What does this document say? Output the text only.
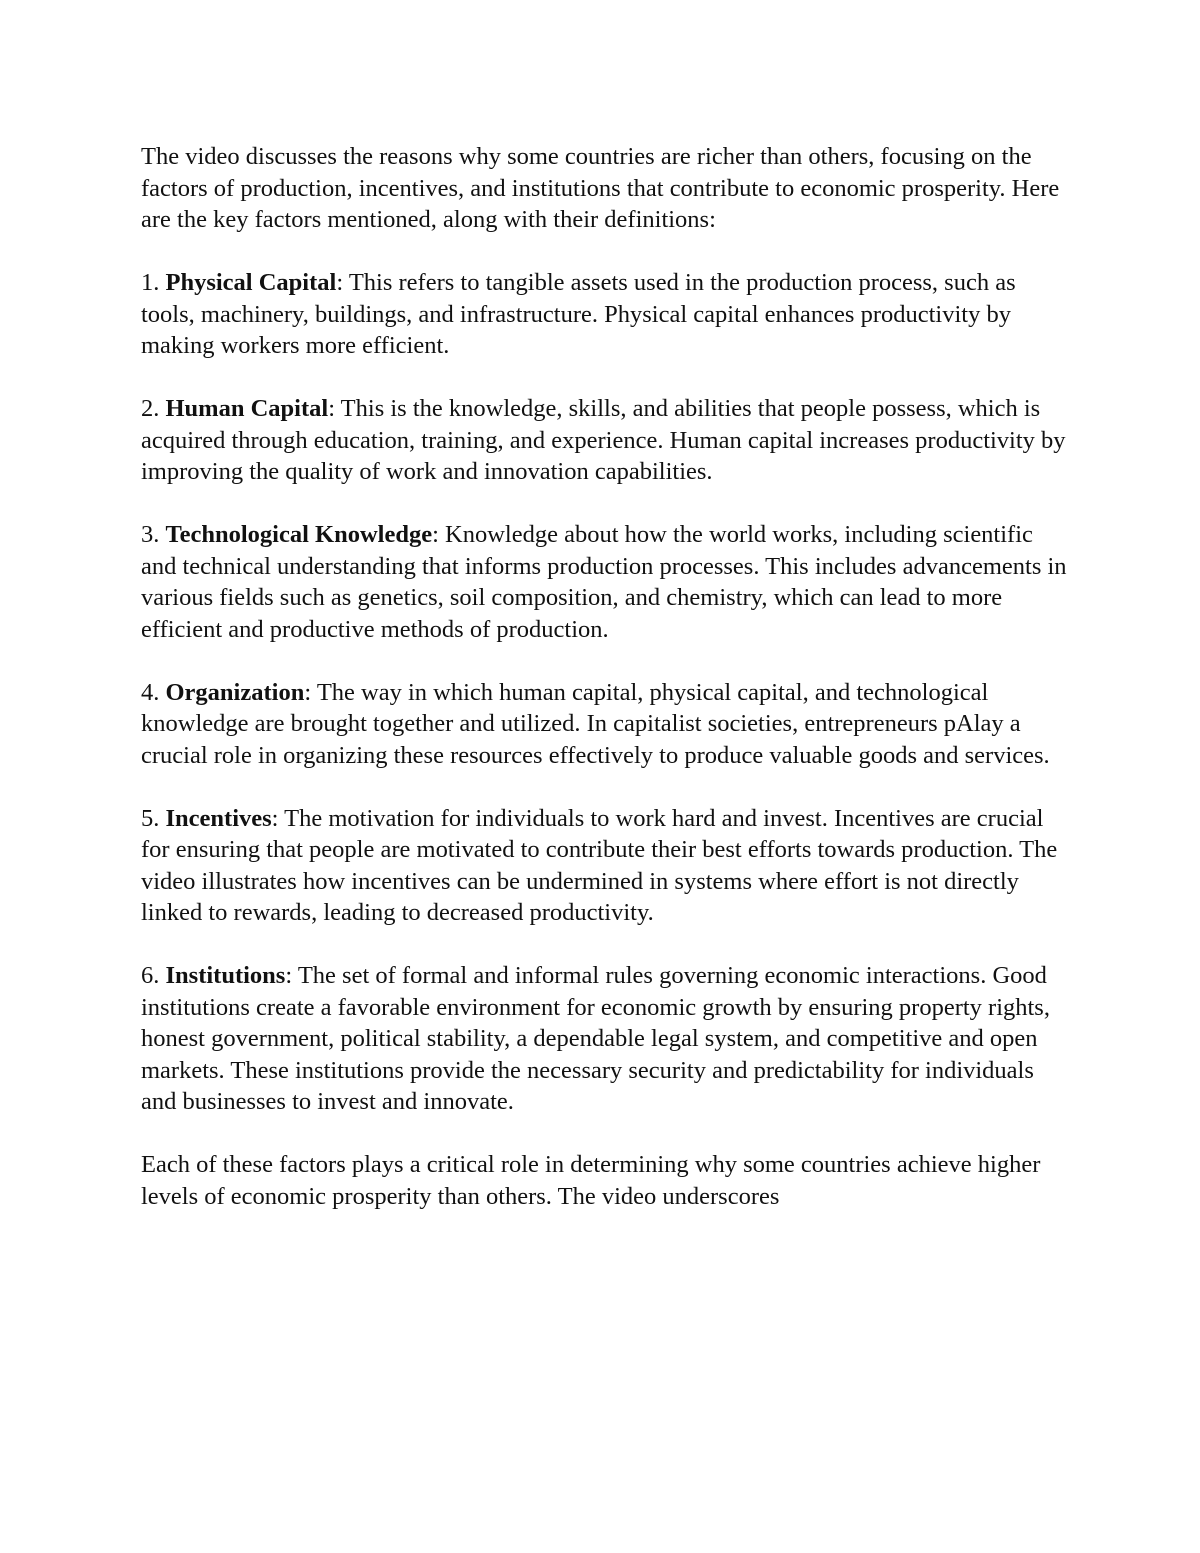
The video discusses the reasons why some countries are richer than others, focusing on the factors of production, incentives, and institutions that contribute to economic prosperity. Here are the key factors mentioned, along with their definitions:

1. Physical Capital: This refers to tangible assets used in the production process, such as tools, machinery, buildings, and infrastructure. Physical capital enhances productivity by making workers more efficient.

2. Human Capital: This is the knowledge, skills, and abilities that people possess, which is acquired through education, training, and experience. Human capital increases productivity by improving the quality of work and innovation capabilities.

3. Technological Knowledge: Knowledge about how the world works, including scientific and technical understanding that informs production processes. This includes advancements in various fields such as genetics, soil composition, and chemistry, which can lead to more efficient and productive methods of production.

4. Organization: The way in which human capital, physical capital, and technological knowledge are brought together and utilized. In capitalist societies, entrepreneurs pAlay a crucial role in organizing these resources effectively to produce valuable goods and services.

5. Incentives: The motivation for individuals to work hard and invest. Incentives are crucial for ensuring that people are motivated to contribute their best efforts towards production. The video illustrates how incentives can be undermined in systems where effort is not directly linked to rewards, leading to decreased productivity.

6. Institutions: The set of formal and informal rules governing economic interactions. Good institutions create a favorable environment for economic growth by ensuring property rights, honest government, political stability, a dependable legal system, and competitive and open markets. These institutions provide the necessary security and predictability for individuals and businesses to invest and innovate.

Each of these factors plays a critical role in determining why some countries achieve higher levels of economic prosperity than others. The video underscores
